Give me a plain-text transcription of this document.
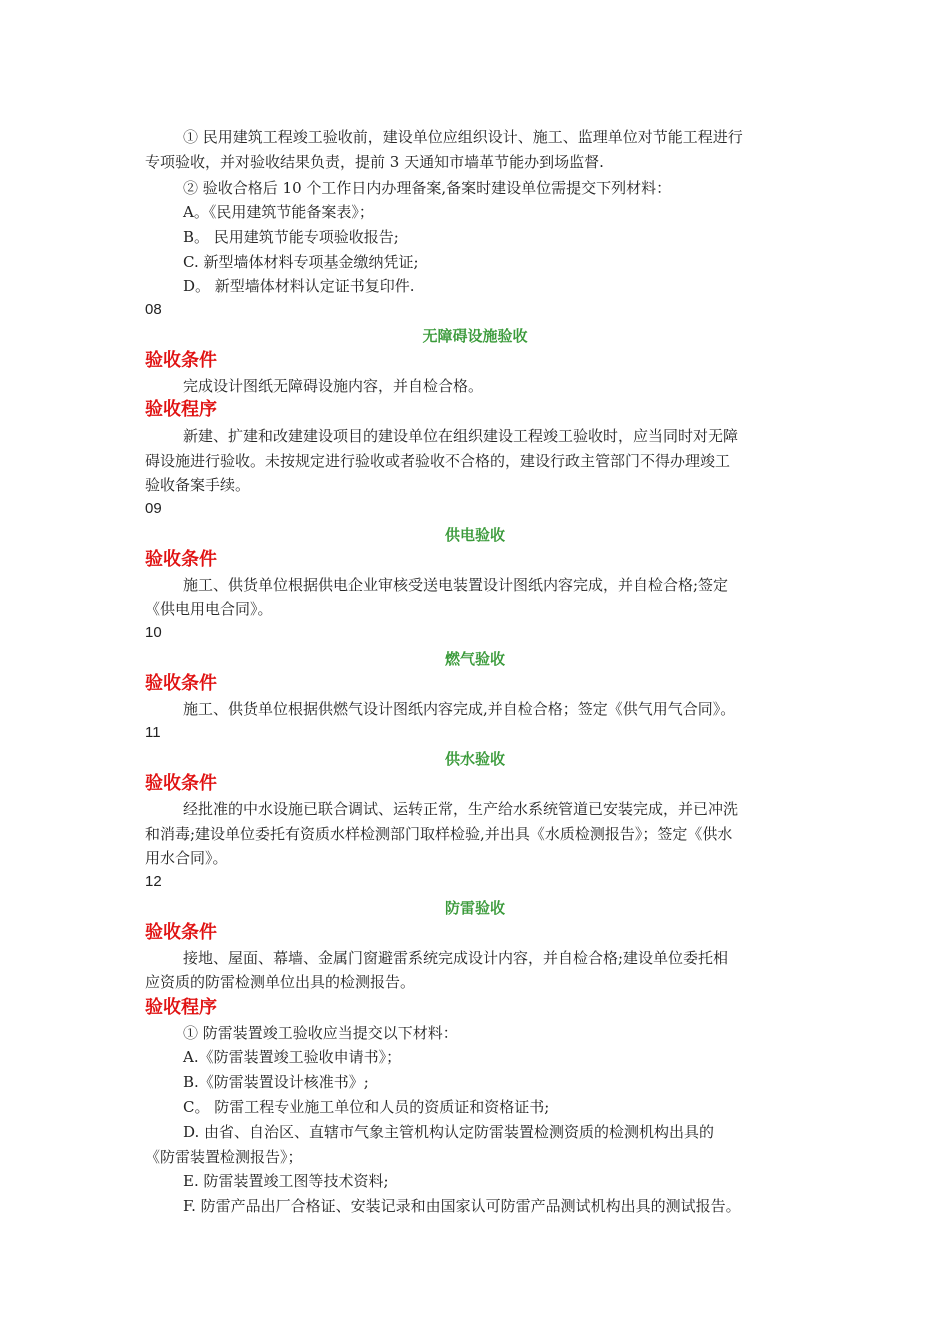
① 民用建筑工程竣工验收前，建设单位应组织设计、施工、监理单位对节能工程进行

专项验收，并对验收结果负责，提前 3 天通知市墙革节能办到场监督.

② 验收合格后 10 个工作日内办理备案,备案时建设单位需提交下列材料：

A。《民用建筑节能备案表》；

B。 民用建筑节能专项验收报告;

C. 新型墙体材料专项基金缴纳凭证;

D。 新型墙体材料认定证书复印件.

08

无障碍设施验收

验收条件

完成设计图纸无障碍设施内容，并自检合格。

验收程序

新建、扩建和改建建设项目的建设单位在组织建设工程竣工验收时，应当同时对无障

碍设施进行验收。未按规定进行验收或者验收不合格的，建设行政主管部门不得办理竣工

验收备案手续。

09

供电验收

验收条件

施工、供货单位根据供电企业审核受送电装置设计图纸内容完成，并自检合格;签定

《供电用电合同》。

10

燃气验收

验收条件

施工、供货单位根据供燃气设计图纸内容完成,并自检合格；签定《供气用气合同》。

11

供水验收

验收条件

经批准的中水设施已联合调试、运转正常，生产给水系统管道已安装完成，并已冲洗

和消毒;建设单位委托有资质水样检测部门取样检验,并出具《水质检测报告》；签定《供水

用水合同》。

12

防雷验收

验收条件

接地、屋面、幕墙、金属门窗避雷系统完成设计内容，并自检合格;建设单位委托相

应资质的防雷检测单位出具的检测报告。

验收程序

① 防雷装置竣工验收应当提交以下材料：

A.《防雷装置竣工验收申请书》；

B.《防雷装置设计核准书》;

C。 防雷工程专业施工单位和人员的资质证和资格证书;

D. 由省、自治区、直辖市气象主管机构认定防雷装置检测资质的检测机构出具的

《防雷装置检测报告》；

E. 防雷装置竣工图等技术资料;

F. 防雷产品出厂合格证、安装记录和由国家认可防雷产品测试机构出具的测试报告。
